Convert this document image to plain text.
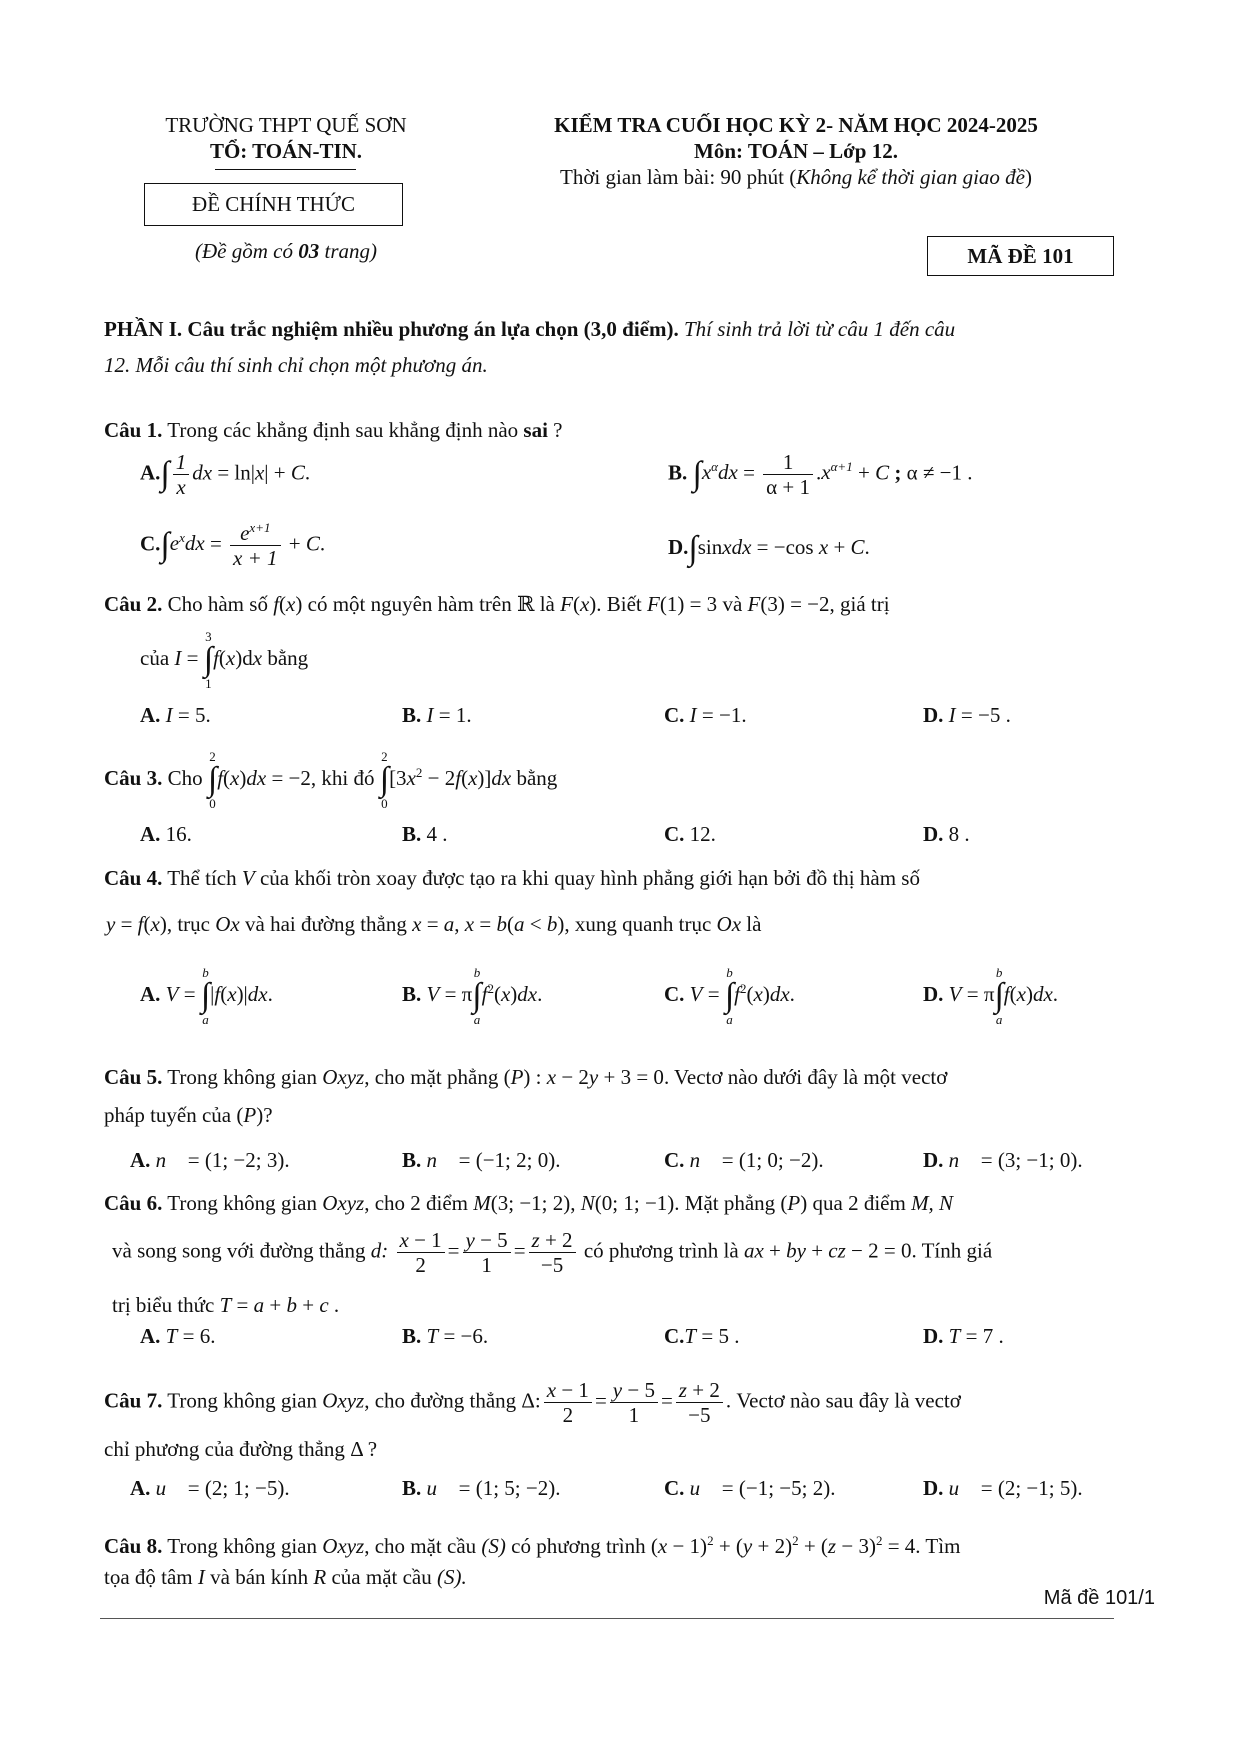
TRƯỜNG THPT QUẾ SƠN
TỔ: TOÁN-TIN.
ĐỀ CHÍNH THỨC
(Đề gồm có 03 trang)
KIỂM TRA CUỐI HỌC KỲ 2- NĂM HỌC 2024-2025
Môn: TOÁN – Lớp 12.
Thời gian làm bài: 90 phút (Không kể thời gian giao đề)
MÃ ĐỀ 101
PHẦN I. Câu trắc nghiệm nhiều phương án lựa chọn (3,0 điểm). Thí sinh trả lời từ câu 1 đến câu
12. Mỗi câu thí sinh chỉ chọn một phương án.
Câu 1. Trong các khẳng định sau khẳng định nào sai ?
$A.\int \frac{1}{x}$ dx = ln|x| + C.	B. $\int x^\alpha dx = \frac{1}{\alpha + 1} .x^{\alpha+1} + C$ ; α ≠ −1 .
$C.\int e^xdx = \frac{e^{x+1}}{x + 1} + C$.	D.∫sinxdx = −cos x + C.
Câu 2. Cho hàm số f(x) có một nguyên hàm trên ℝ là F(x). Biết F(1) = 3 và F(3) = −2, giá trị
của I = 3
∫
1f(x)dx bằng
A. I = 5.	B. I = 1.	C. I = −1.	D. I = −5 .
Câu 3. Cho 2
∫
0f(x)dx = −2, khi đó 2
∫
$0[3x^2 - 2f(x)]dx$ bằng
A. 16.	B. 4 .	C. 12.	D. 8 .
Câu 4. Thể tích V của khối tròn xoay được tạo ra khi quay hình phẳng giới hạn bởi đồ thị hàm số
y = f(x), trục Ox và hai đường thẳng x = a, x = b(a < b), xung quanh trục Ox là
A. V = b
∫
a|f(x)|dx.	B. V = πb
∫
$af^2(x)dx$.	C. V = b
∫
$af^2(x)dx$.	D. V = πb
∫
af(x)dx.
Câu 5. Trong không gian Oxyz, cho mặt phẳng (P) : x − 2y + 3 = 0. Vectơ nào dưới đây là một vectơ
pháp tuyến của (P)?
A. n⃗ = (1; −2; 3).	B. n⃗ = (−1; 2; 0).	C. n⃗ = (1; 0; −2).	D. n⃗ = (3; −1; 0).
Câu 6. Trong không gian Oxyz, cho 2 điểm M(3; −1; 2), N(0; 1; −1). Mặt phẳng (P) qua 2 điểm M, N
và song song với đường thẳng d: $\frac{x - 1}{2} = \frac{y - 5}{1} = \frac{z + 2}{-5}$ có phương trình là ax + by + cz − 2 = 0. Tính giá
trị biểu thức T = a + b + c .
A. T = 6.	B. T = −6.	C.T = 5 .	D. T = 7 .
Câu 7. Trong không gian Oxyz, cho đường thẳng Δ: $\frac{x - 1}{2} = \frac{y - 5}{1} = \frac{z + 2}{-5}$ . Vectơ nào sau đây là vectơ
chỉ phương của đường thẳng Δ ?
A. u⃗ = (2; 1; −5).	B. u⃗ = (1; 5; −2).	C. u⃗ = (−1; −5; 2).	D. u⃗ = (2; −1; 5).
Câu 8. Trong không gian Oxyz, cho mặt cầu (S) có phương trình $(x - 1)^2 + (y + 2)^2 + (z - 3)^2 = 4$. Tìm
tọa độ tâm I và bán kính R của mặt cầu (S).
Mã đề 101/1
